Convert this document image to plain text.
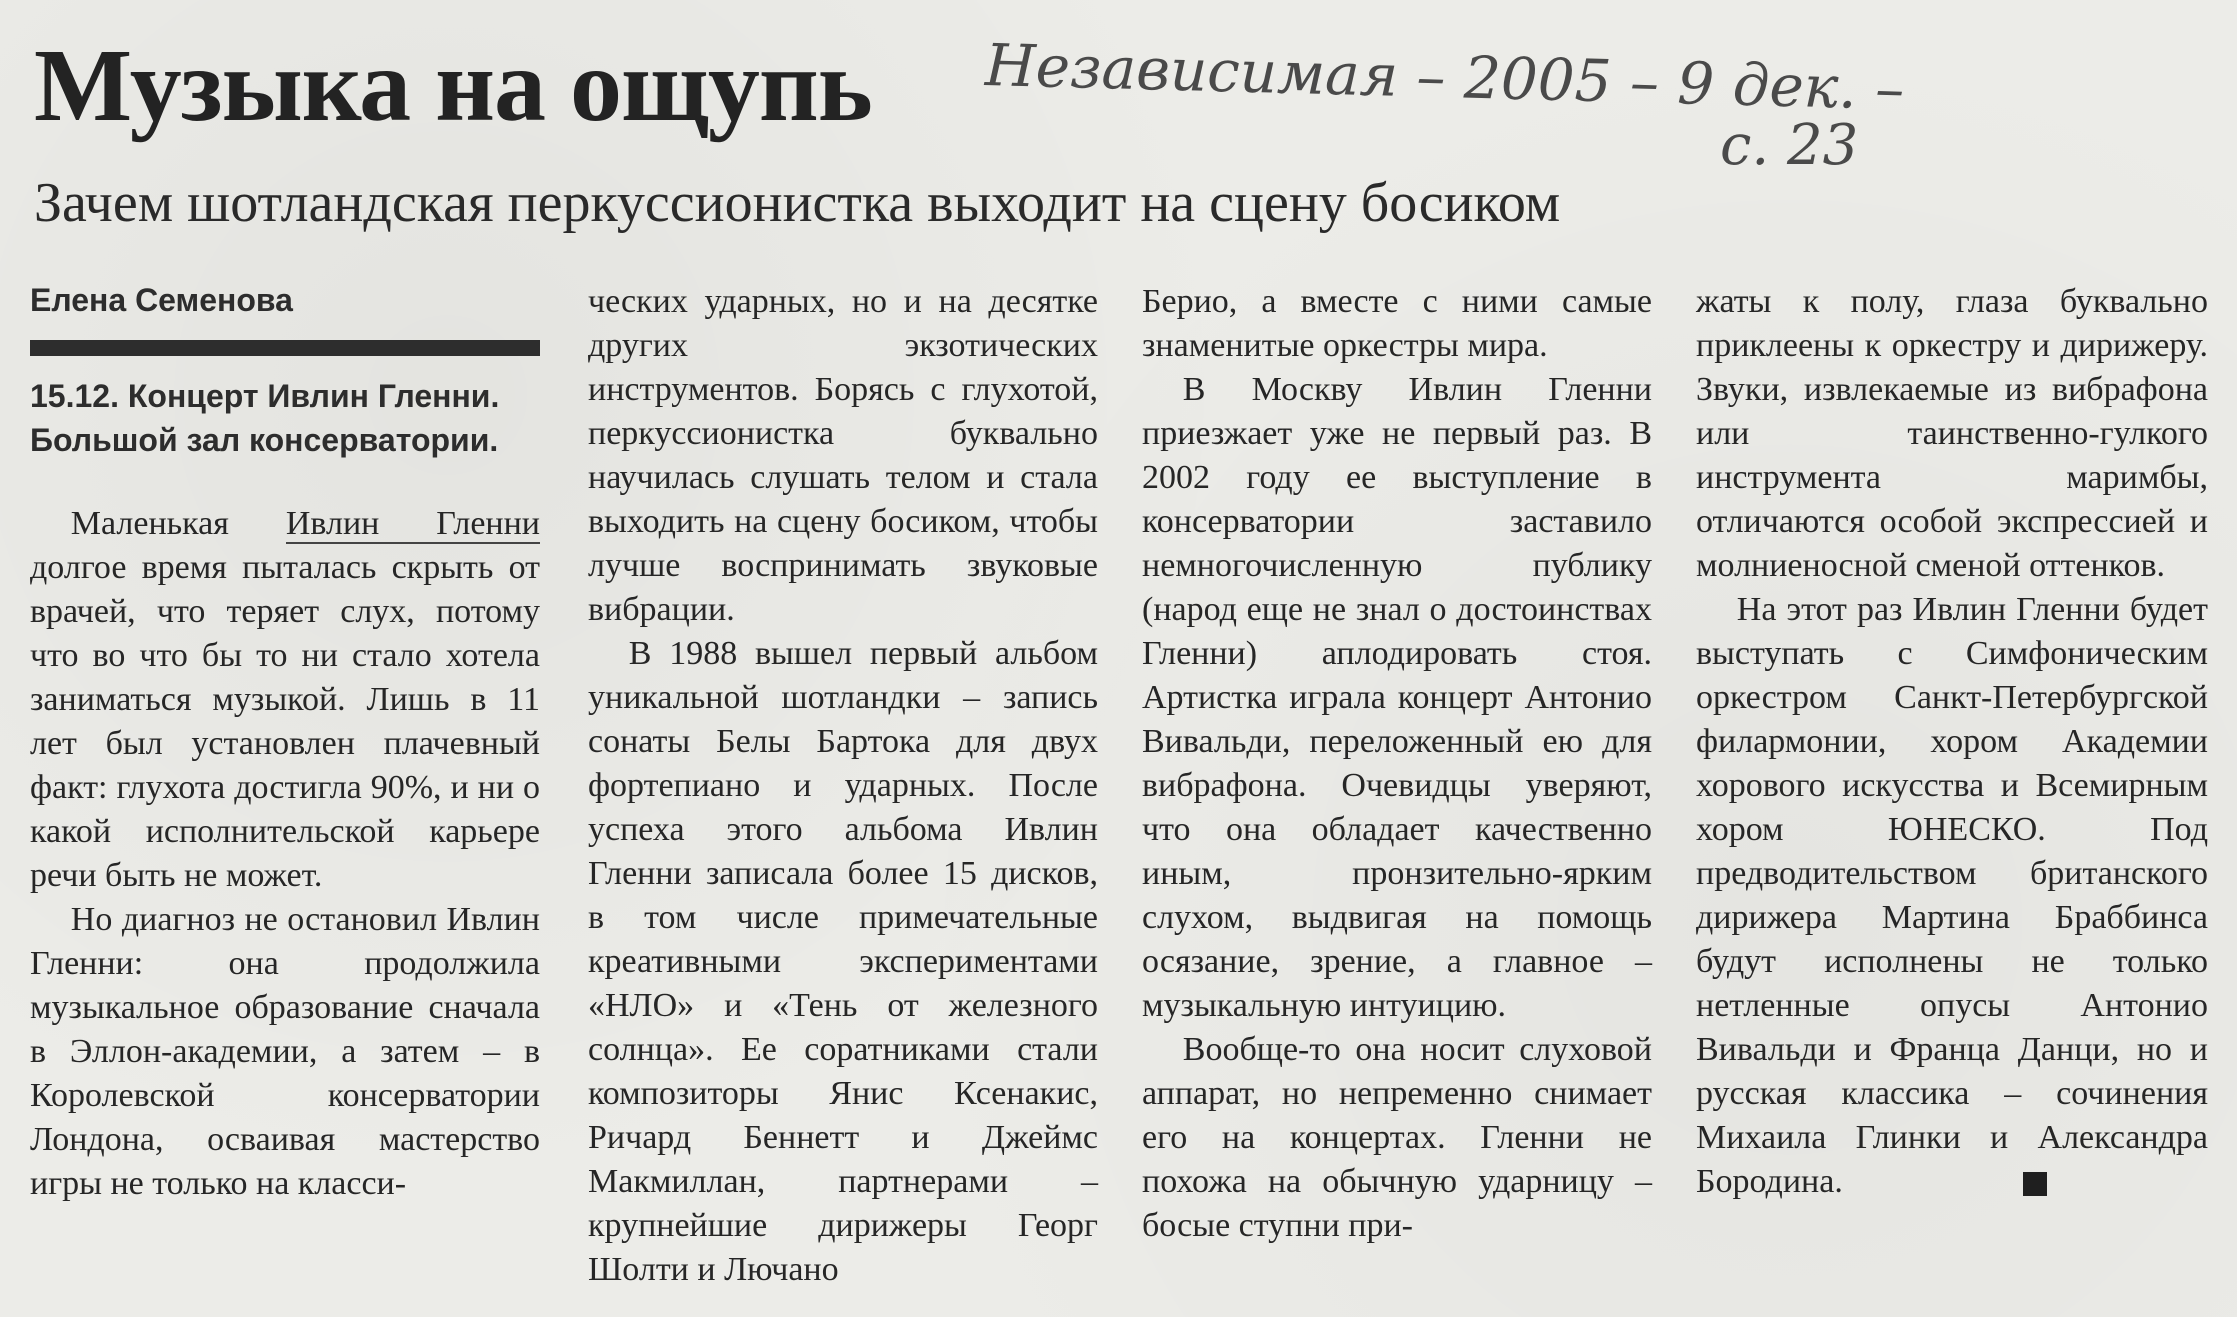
Музыка на ощупь Независимая – 2005 – 9 дек. –
с. 23
Зачем шотландская перкуссионистка выходит на сцену босиком
Елена Семенова
15.12. Концерт Ивлин Гленни. Большой зал консерватории.

Маленькая Ивлин Гленни долгое время пыталась скрыть от врачей, что теряет слух, потому что во что бы то ни стало хотела заниматься музыкой. Лишь в 11 лет был установлен плачевный факт: глухота достигла 90%, и ни о какой исполнительской карьере речи быть не может.

Но диагноз не остановил Ивлин Гленни: она продолжила музыкальное образование сначала в Эллон-академии, а затем – в Королевской консерватории Лондона, осваивая мастерство игры не только на класси-

ческих ударных, но и на десятке других экзотических инструментов. Борясь с глухотой, перкуссионистка буквально научилась слушать телом и стала выходить на сцену босиком, чтобы лучше воспринимать звуковые вибрации.

В 1988 вышел первый альбом уникальной шотландки – запись сонаты Белы Бартока для двух фортепиано и ударных. После успеха этого альбома Ивлин Гленни записала более 15 дисков, в том числе примечательные креативными экспериментами «НЛО» и «Тень от железного солнца». Ее соратниками стали композиторы Янис Ксенакис, Ричард Беннетт и Джеймс Макмиллан, партнерами – крупнейшие дирижеры Георг Шолти и Лючано

Берио, а вместе с ними самые знаменитые оркестры мира.

В Москву Ивлин Гленни приезжает уже не первый раз. В 2002 году ее выступление в консерватории заставило немногочисленную публику (народ еще не знал о достоинствах Гленни) аплодировать стоя. Артистка играла концерт Антонио Вивальди, переложенный ею для вибрафона. Очевидцы уверяют, что она обладает качественно иным, пронзительно-ярким слухом, выдвигая на помощь осязание, зрение, а главное – музыкальную интуицию.

Вообще-то она носит слуховой аппарат, но непременно снимает его на концертах. Гленни не похожа на обычную ударницу – босые ступни при-

жаты к полу, глаза буквально приклеены к оркестру и дирижеру. Звуки, извлекаемые из вибрафона или таинственно-гулкого инструмента маримбы, отличаются особой экспрессией и молниеносной сменой оттенков.

На этот раз Ивлин Гленни будет выступать с Симфоническим оркестром Санкт-Петербургской филармонии, хором Академии хорового искусства и Всемирным хором ЮНЕСКО. Под предводительством британского дирижера Мартина Браббинса будут исполнены не только нетленные опусы Антонио Вивальди и Франца Данци, но и русская классика – сочинения Михаила Глинки и Александра Бородина.
